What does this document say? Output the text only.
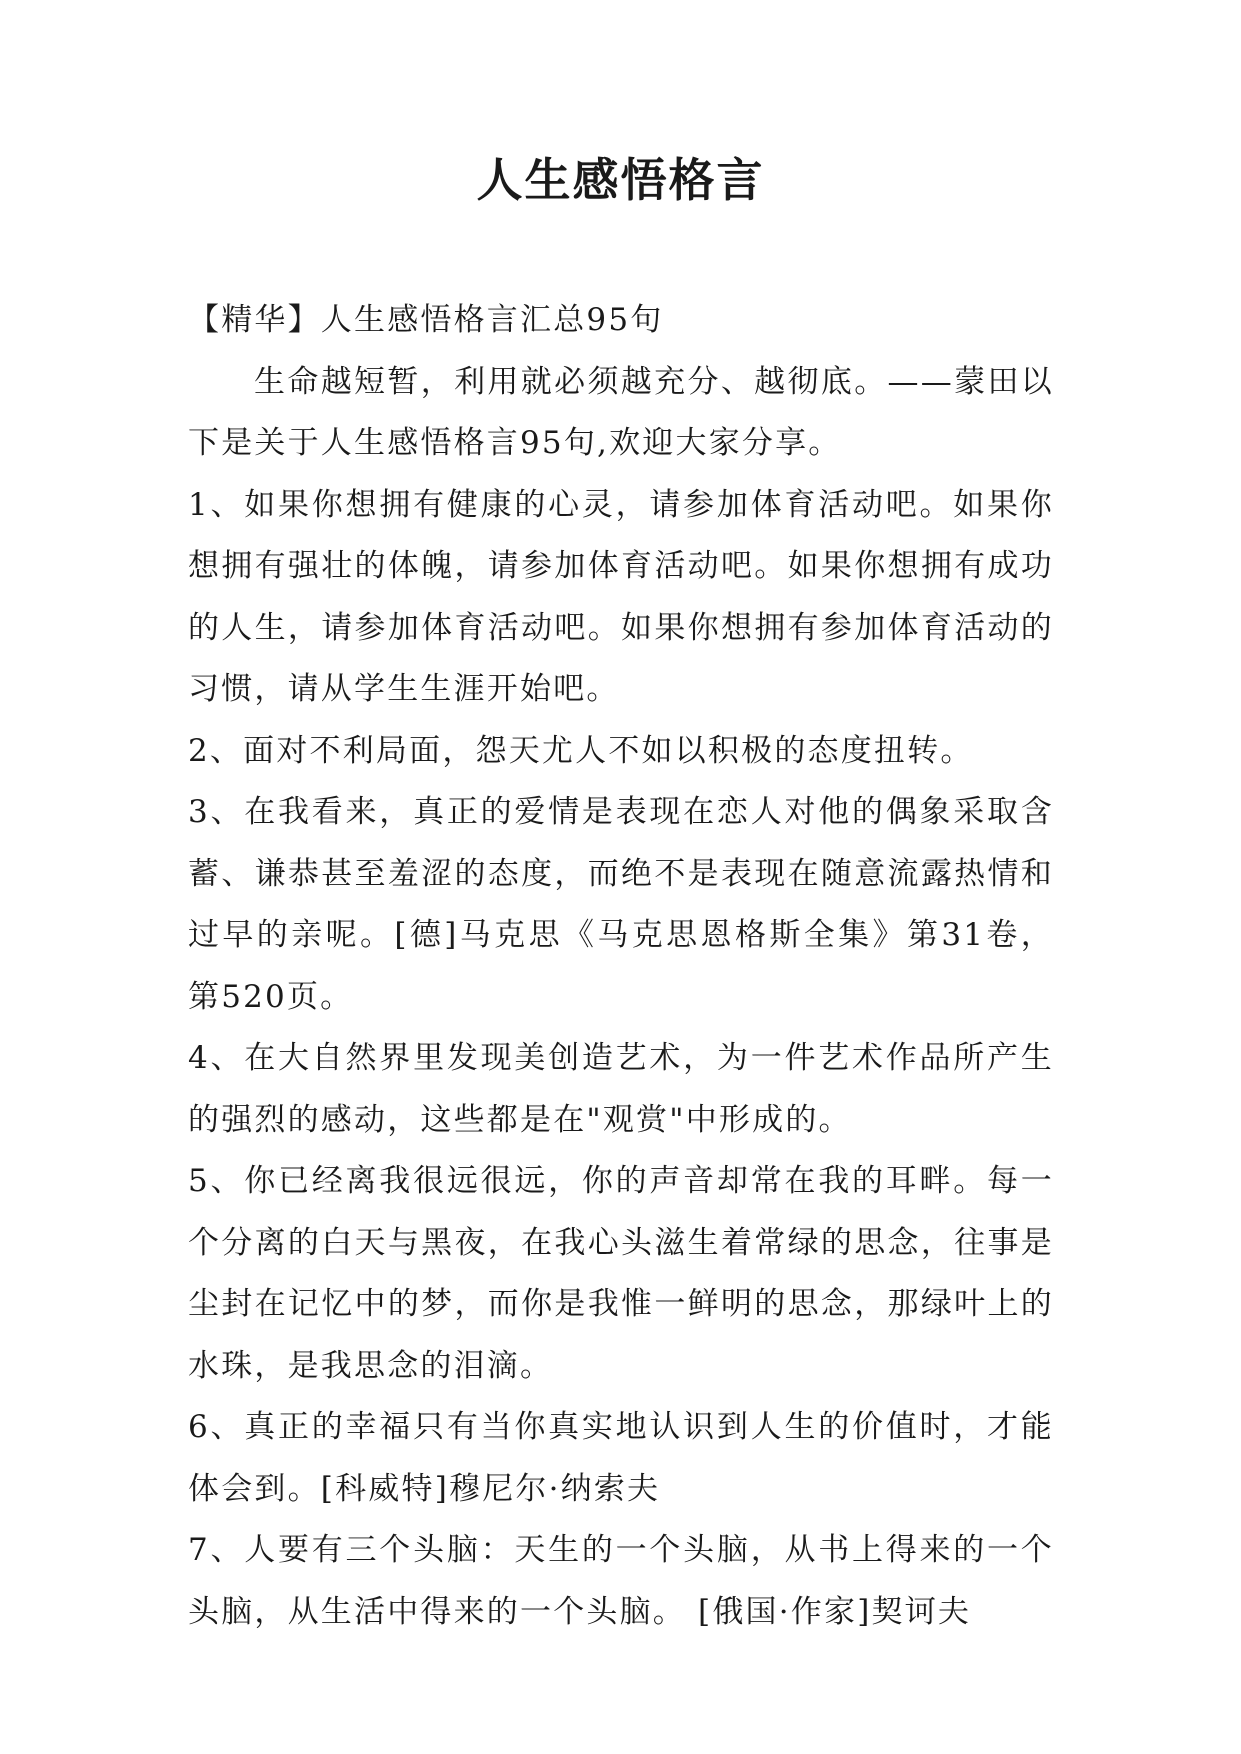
人生感悟格言

【精华】人生感悟格言汇总95句

生命越短暂，利用就必须越充分、越彻底。——蒙田以下是关于人生感悟格言95句,欢迎大家分享。

1、如果你想拥有健康的心灵，请参加体育活动吧。如果你想拥有强壮的体魄，请参加体育活动吧。如果你想拥有成功的人生，请参加体育活动吧。如果你想拥有参加体育活动的习惯，请从学生生涯开始吧。

2、面对不利局面，怨天尤人不如以积极的态度扭转。

3、在我看来，真正的爱情是表现在恋人对他的偶象采取含蓄、谦恭甚至羞涩的态度，而绝不是表现在随意流露热情和过早的亲呢。[德]马克思《马克思恩格斯全集》第31卷，第520页。

4、在大自然界里发现美创造艺术，为一件艺术作品所产生的强烈的感动，这些都是在"观赏"中形成的。

5、你已经离我很远很远，你的声音却常在我的耳畔。每一个分离的白天与黑夜，在我心头滋生着常绿的思念，往事是尘封在记忆中的梦，而你是我惟一鲜明的思念，那绿叶上的水珠，是我思念的泪滴。

6、真正的幸福只有当你真实地认识到人生的价值时，才能体会到。[科威特]穆尼尔·纳索夫

7、人要有三个头脑：天生的一个头脑，从书上得来的一个头脑，从生活中得来的一个头脑。 [俄国·作家]契诃夫
